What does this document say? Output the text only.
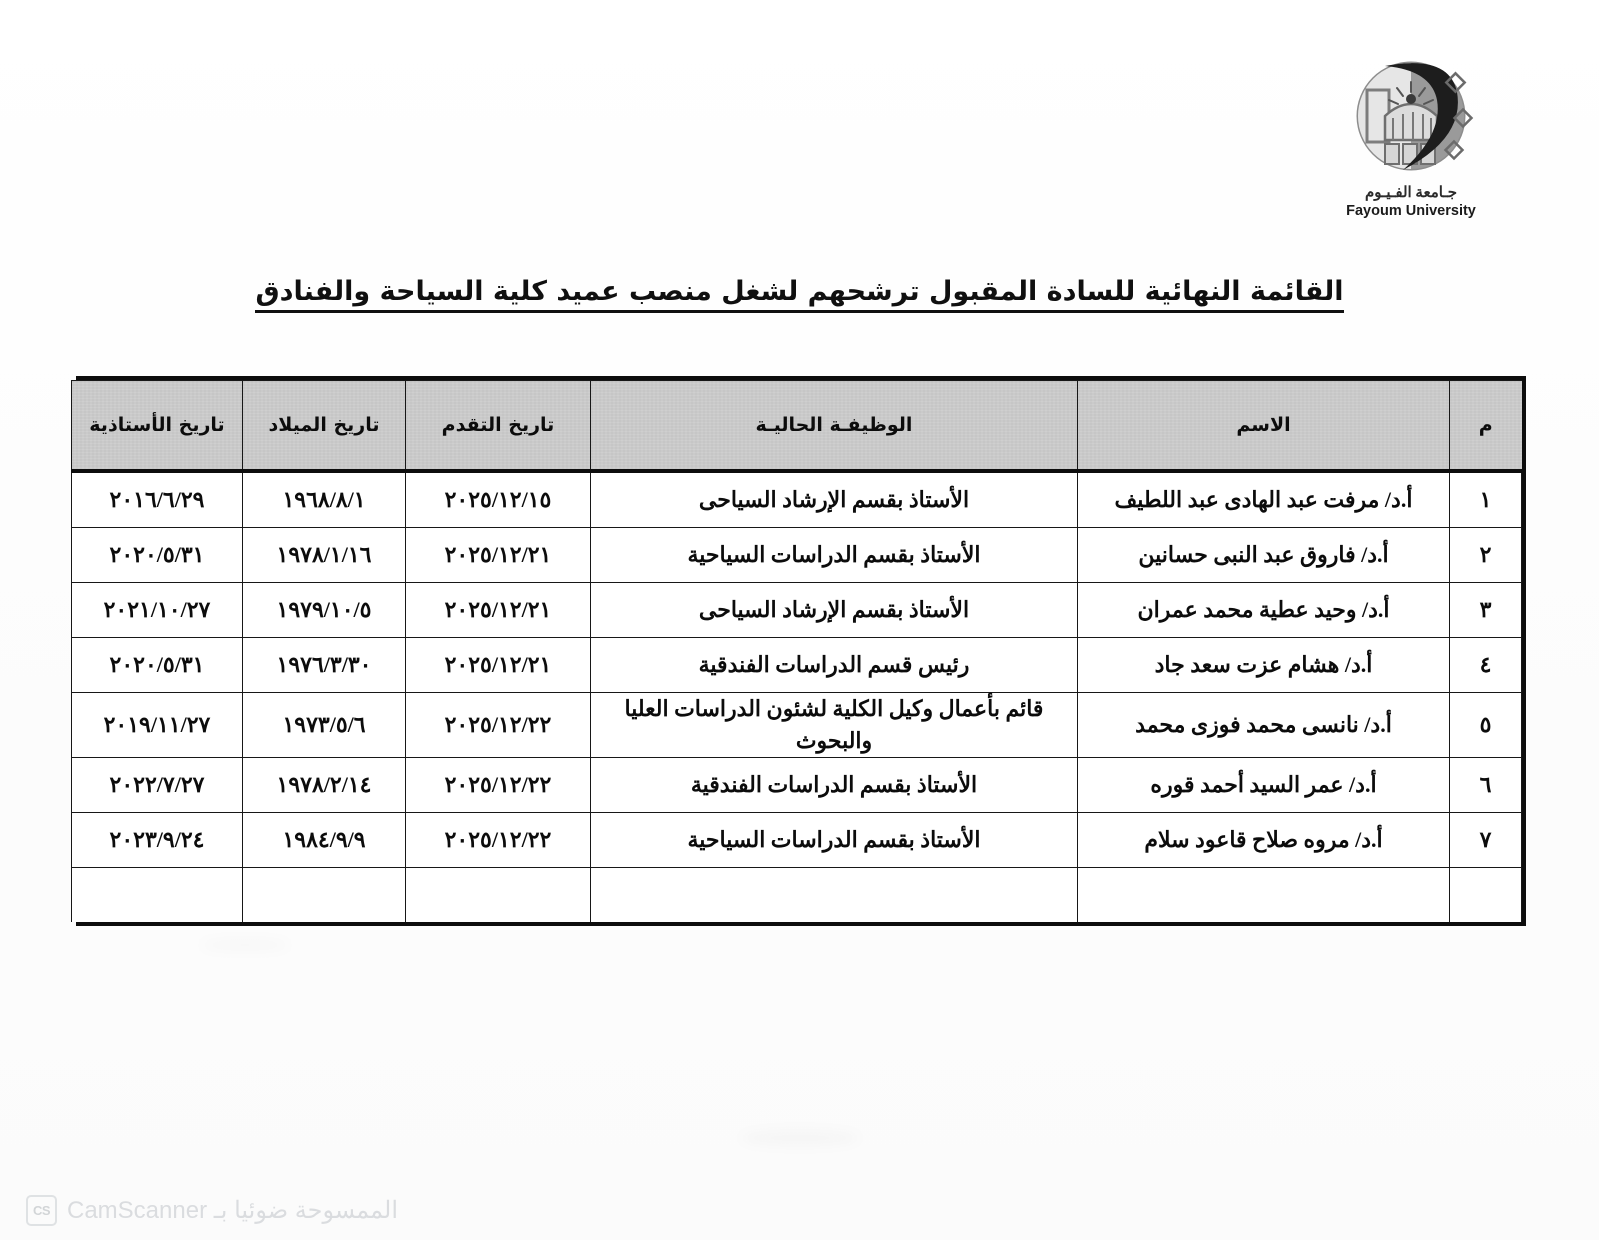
جـامعة الفـيـوم
Fayoum University
القائمة النهائية للسادة المقبول ترشحهم لشغل منصب عميد كلية السياحة والفنادق
م	الاسم	الوظيفـة الحاليـة	تاريخ التقدم	تاريخ الميلاد	تاريخ الأستاذية
١	أ.د/ مرفت عبد الهادى عبد اللطيف	الأستاذ بقسم الإرشاد السياحى	٢٠٢٥/١٢/١٥	١٩٦٨/٨/١	٢٠١٦/٦/٢٩
٢	أ.د/ فاروق عبد النبى حسانين	الأستاذ بقسم الدراسات السياحية	٢٠٢٥/١٢/٢١	١٩٧٨/١/١٦	٢٠٢٠/٥/٣١
٣	أ.د/ وحيد عطية محمد عمران	الأستاذ بقسم الإرشاد السياحى	٢٠٢٥/١٢/٢١	١٩٧٩/١٠/٥	٢٠٢١/١٠/٢٧
٤	أ.د/ هشام عزت سعد جاد	رئيس قسم الدراسات الفندقية	٢٠٢٥/١٢/٢١	١٩٧٦/٣/٣٠	٢٠٢٠/٥/٣١
٥	أ.د/ نانسى محمد فوزى محمد	قائم بأعمال وكيل الكلية لشئون الدراسات العليا والبحوث	٢٠٢٥/١٢/٢٢	١٩٧٣/٥/٦	٢٠١٩/١١/٢٧
٦	أ.د/ عمر السيد أحمد قوره	الأستاذ بقسم الدراسات الفندقية	٢٠٢٥/١٢/٢٢	١٩٧٨/٢/١٤	٢٠٢٢/٧/٢٧
٧	أ.د/ مروه صلاح قاعود سلام	الأستاذ بقسم الدراسات السياحية	٢٠٢٥/١٢/٢٢	١٩٨٤/٩/٩	٢٠٢٣/٩/٢٤

الممسوحة ضوئيا بـ CamScanner
CS
